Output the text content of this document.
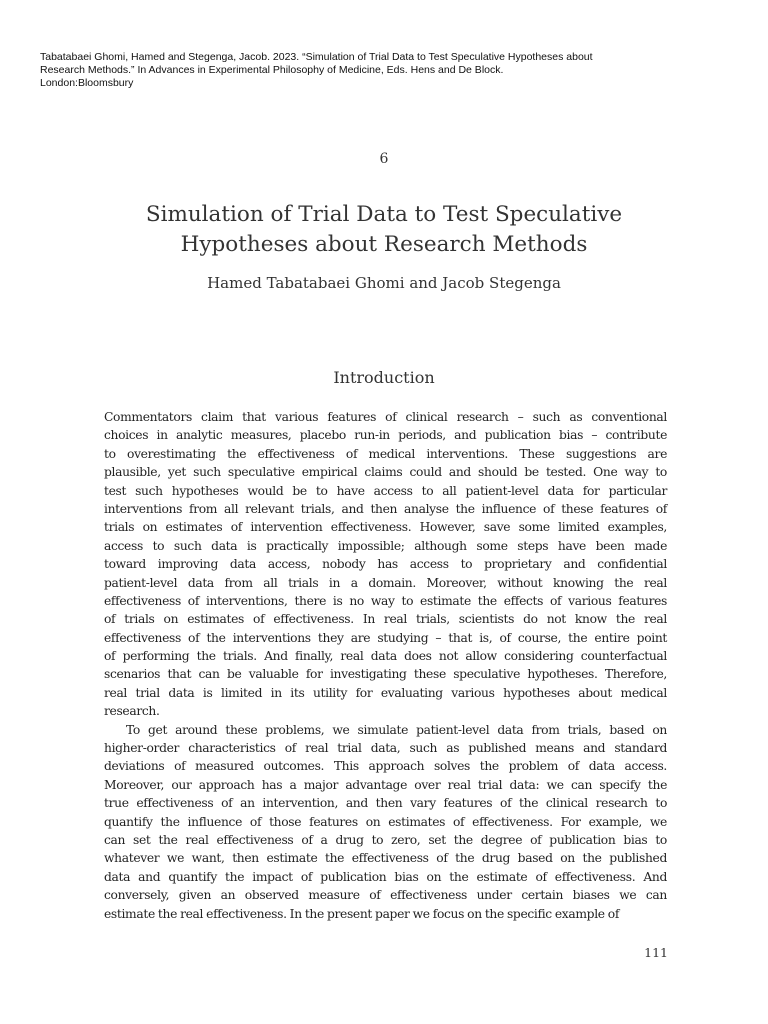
Tabatabaei Ghomi, Hamed and Stegenga, Jacob. 2023. “Simulation of Trial Data to Test Speculative Hypotheses about
Research Methods.” In Advances in Experimental Philosophy of Medicine, Eds. Hens and De Block.
London:Bloomsbury
6
Simulation of Trial Data to Test Speculative
Hypotheses about Research Methods
Hamed Tabatabaei Ghomi and Jacob Stegenga
Introduction
Commentators claim that various features of clinical research – such as conventional
choices in analytic measures, placebo run-in periods, and publication bias – contribute
to overestimating the effectiveness of medical interventions. These suggestions are
plausible, yet such speculative empirical claims could and should be tested. One way to
test such hypotheses would be to have access to all patient-level data for particular
interventions from all relevant trials, and then analyse the influence of these features of
trials on estimates of intervention effectiveness. However, save some limited examples,
access to such data is practically impossible; although some steps have been made
toward improving data access, nobody has access to proprietary and confidential
patient-level data from all trials in a domain. Moreover, without knowing the real
effectiveness of interventions, there is no way to estimate the effects of various features
of trials on estimates of effectiveness. In real trials, scientists do not know the real
effectiveness of the interventions they are studying – that is, of course, the entire point
of performing the trials. And finally, real data does not allow considering counterfactual
scenarios that can be valuable for investigating these speculative hypotheses. Therefore,
real trial data is limited in its utility for evaluating various hypotheses about medical
research.
To get around these problems, we simulate patient-level data from trials, based on
higher-order characteristics of real trial data, such as published means and standard
deviations of measured outcomes. This approach solves the problem of data access.
Moreover, our approach has a major advantage over real trial data: we can specify the
true effectiveness of an intervention, and then vary features of the clinical research to
quantify the influence of those features on estimates of effectiveness. For example, we
can set the real effectiveness of a drug to zero, set the degree of publication bias to
whatever we want, then estimate the effectiveness of the drug based on the published
data and quantify the impact of publication bias on the estimate of effectiveness. And
conversely, given an observed measure of effectiveness under certain biases we can
estimate the real effectiveness. In the present paper we focus on the specific example of
111
